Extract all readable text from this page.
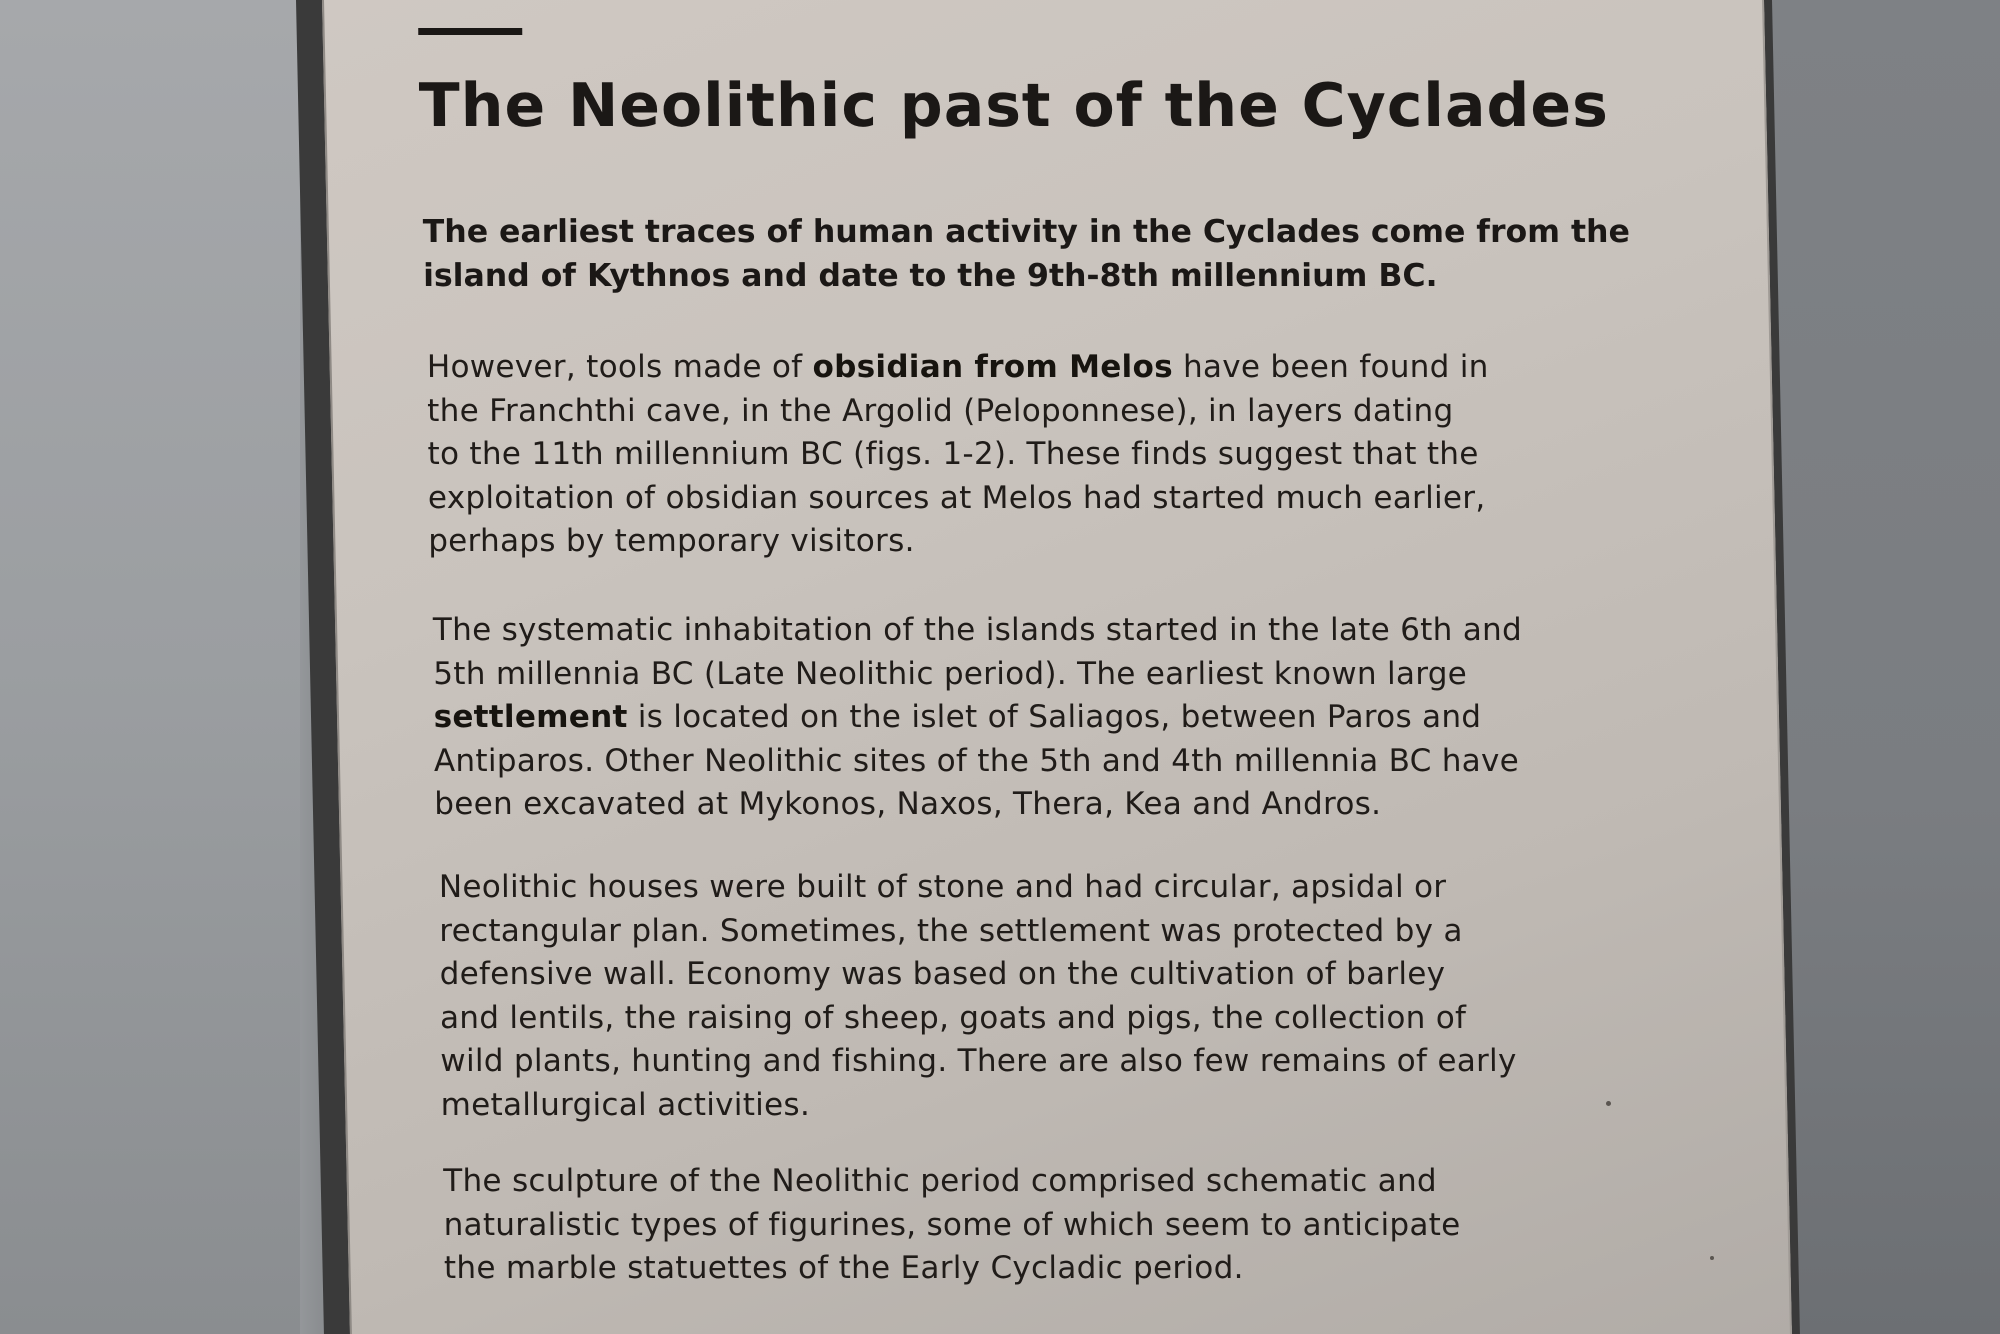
The Neolithic past of the Cyclades
The earliest traces of human activity in the Cyclades come from the
island of Kythnos and date to the 9th-8th millennium BC.
However, tools made of obsidian from Melos have been found in
the Franchthi cave, in the Argolid (Peloponnese), in layers dating
to the 11th millennium BC (figs. 1-2). These finds suggest that the
exploitation of obsidian sources at Melos had started much earlier,
perhaps by temporary visitors.
The systematic inhabitation of the islands started in the late 6th and
5th millennia BC (Late Neolithic period). The earliest known large
settlement is located on the islet of Saliagos, between Paros and
Antiparos. Other Neolithic sites of the 5th and 4th millennia BC have
been excavated at Mykonos, Naxos, Thera, Kea and Andros.
Neolithic houses were built of stone and had circular, apsidal or
rectangular plan. Sometimes, the settlement was protected by a
defensive wall. Economy was based on the cultivation of barley
and lentils, the raising of sheep, goats and pigs, the collection of
wild plants, hunting and fishing. There are also few remains of early
metallurgical activities.
The sculpture of the Neolithic period comprised schematic and
naturalistic types of figurines, some of which seem to anticipate
the marble statuettes of the Early Cycladic period.
